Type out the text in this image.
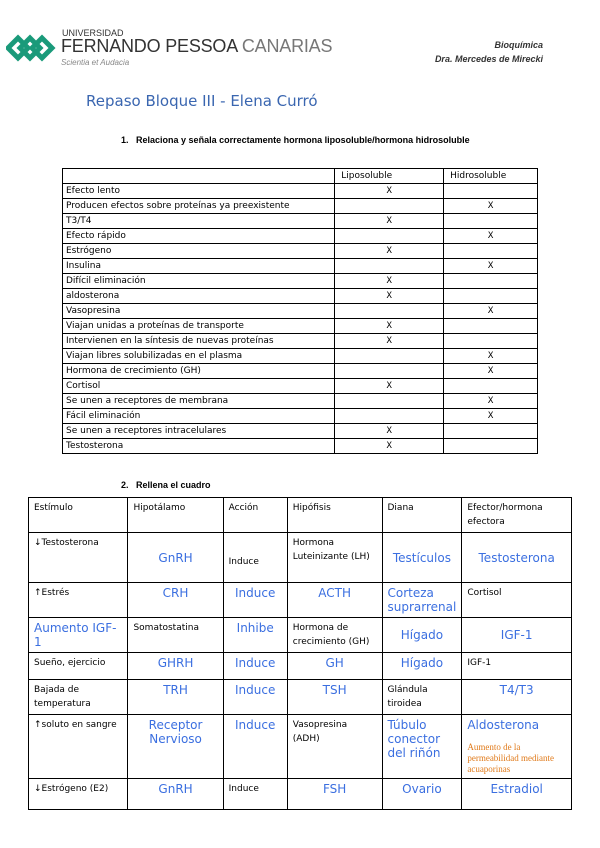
UNIVERSIDAD
FERNANDO PESSOA CANARIAS
Scientia et Audacia
Bioquímica
Dra. Mercedes de Mirecki
Repaso Bloque III - Elena Curró
1. Relaciona y señala correctamente hormona liposoluble/hormona hidrosoluble
	Liposoluble	Hidrosoluble
Efecto lento	X	
Producen efectos sobre proteínas ya preexistente		X
T3/T4	X	
Efecto rápido		X
Estrógeno	X	
Insulina		X
Difícil eliminación	X	
aldosterona	X	
Vasopresina		X
Viajan unidas a proteínas de transporte	X	
Intervienen en la síntesis de nuevas proteínas	X	
Viajan libres solubilizadas en el plasma		X
Hormona de crecimiento (GH)		X
Cortisol	X	
Se unen a receptores de membrana		X
Fácil eliminación		X
Se unen a receptores intracelulares	X	
Testosterona	X	
2. Rellena el cuadro
Estímulo	Hipotálamo	Acción	Hipófisis	Diana	Efector/hormona efectora
↓Testosterona	GnRH	Induce	Hormona Luteinizante (LH)	Testículos	Testosterona
↑Estrés	CRH	Induce	ACTH	Corteza suprarrenal	Cortisol
Aumento IGF-1	Somatostatina	Inhibe	Hormona de crecimiento (GH)	Hígado	IGF-1
Sueño, ejercicio	GHRH	Induce	GH	Hígado	IGF-1
Bajada de temperatura	TRH	Induce	TSH	Glándula tiroidea	T4/T3
↑soluto en sangre	Receptor Nervioso	Induce	Vasopresina (ADH)	Túbulo conector del riñón	Aldosterona
Aumento de la permeabilidad mediante acuaporinas

↓Estrógeno (E2)	GnRH	Induce	FSH	Ovario	Estradiol
